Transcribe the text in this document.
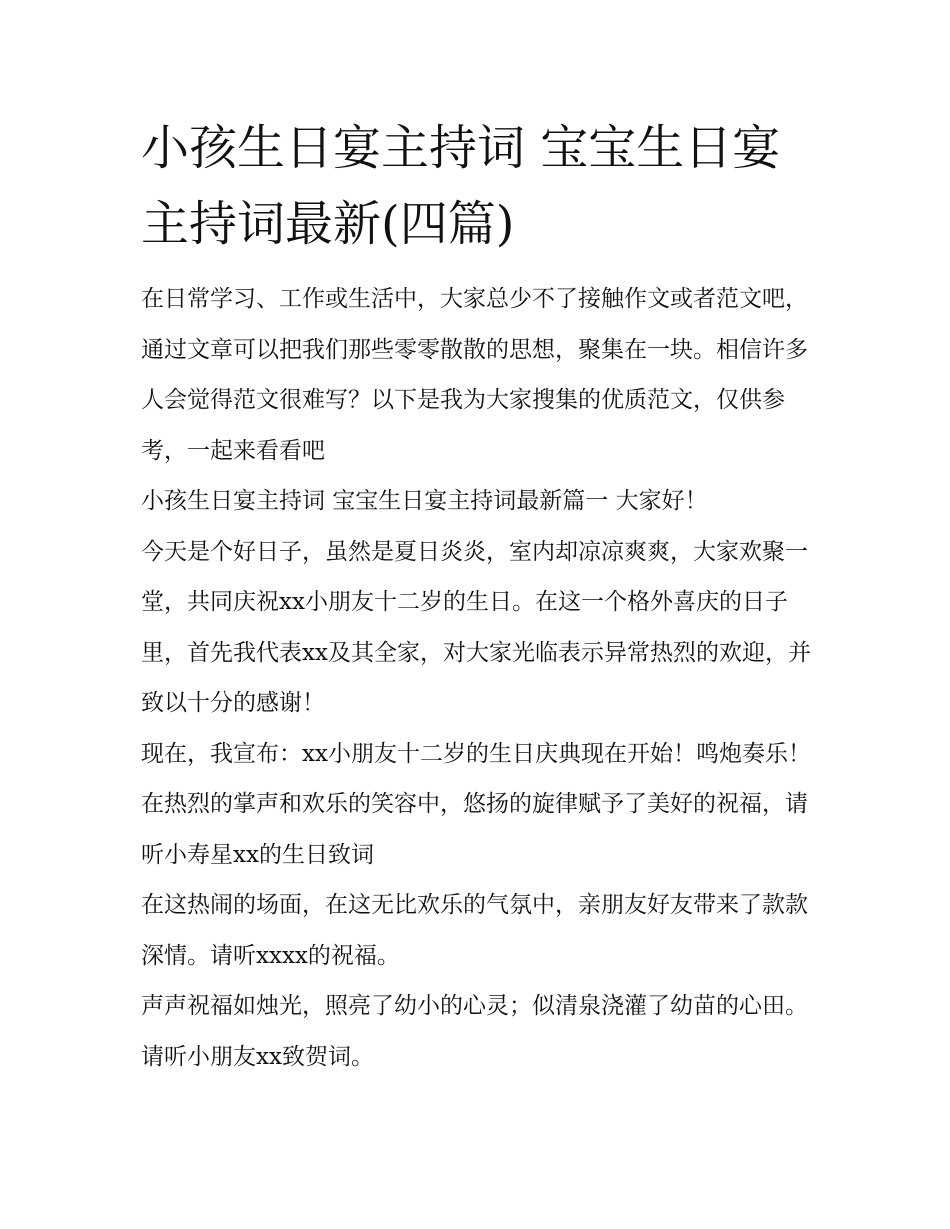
小孩生日宴主持词 宝宝生日宴主持词最新(四篇)

在日常学习、工作或生活中，大家总少不了接触作文或者范文吧，通过文章可以把我们那些零零散散的思想，聚集在一块。相信许多人会觉得范文很难写？以下是我为大家搜集的优质范文，仅供参考，一起来看看吧

小孩生日宴主持词 宝宝生日宴主持词最新篇一 大家好！

今天是个好日子，虽然是夏日炎炎，室内却凉凉爽爽，大家欢聚一堂，共同庆祝xx小朋友十二岁的生日。在这一个格外喜庆的日子里，首先我代表xx及其全家，对大家光临表示异常热烈的欢迎，并致以十分的感谢！

现在，我宣布：xx小朋友十二岁的生日庆典现在开始！鸣炮奏乐！ 在热烈的掌声和欢乐的笑容中，悠扬的旋律赋予了美好的祝福，请听小寿星xx的生日致词

在这热闹的场面，在这无比欢乐的气氛中，亲朋友好友带来了款款深情。请听xxxx的祝福。

声声祝福如烛光，照亮了幼小的心灵；似清泉浇灌了幼苗的心田。请听小朋友xx致贺词。
